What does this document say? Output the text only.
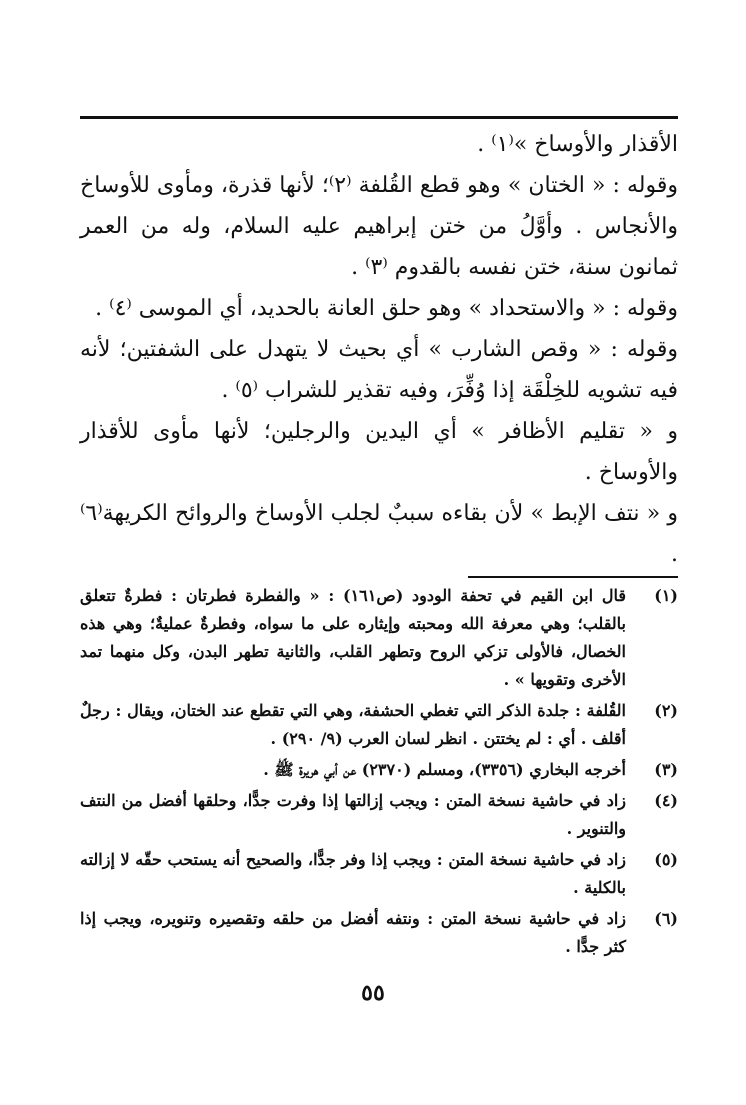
الأقذار والأوساخ »⁽١⁾ .

وقوله : « الختان » وهو قطع القُلفة ⁽٢⁾؛ لأنها قذرة، ومأوى للأوساخ والأنجاس . وأوَّلُ من ختن إبراهيم عليه السلام، وله من العمر ثمانون سنة، ختن نفسه بالقدوم ⁽٣⁾ .

وقوله : « والاستحداد » وهو حلق العانة بالحديد، أي الموسى ⁽٤⁾ .

وقوله : « وقص الشارب » أي بحيث لا يتهدل على الشفتين؛ لأنه فيه تشويه للخِلْقَة إذا وُفِّرَ، وفيه تقذير للشراب ⁽٥⁾ .

و « تقليم الأظافر » أي اليدين والرجلين؛ لأنها مأوى للأقذار والأوساخ .

و « نتف الإبط » لأن بقاءه سببٌ لجلب الأوساخ والروائح الكريهة⁽٦⁾ .

(١)
قال ابن القيم في تحفة الودود (ص١٦١) : « والفطرة فطرتان : فطرةٌ تتعلق بالقلب؛ وهي معرفة الله ومحبته وإيثاره على ما سواه، وفطرةٌ عمليةٌ؛ وهي هذه الخصال، فالأولى تزكي الروح وتطهر القلب، والثانية تطهر البدن، وكل منهما تمد الأخرى وتقويها » .
(٢)
القُلفة : جلدة الذكر التي تغطي الحشفة، وهي التي تقطع عند الختان، ويقال : رجلٌ أقلف . أي : لم يختتن . انظر لسان العرب (٩/ ٢٩٠) .
(٣)
أخرجه البخاري (٣٣٥٦)، ومسلم (٢٣٧٠) عن أبي هريرة ﷺ .
(٤)
زاد في حاشية نسخة المتن : ويجب إزالتها إذا وفرت جدًّا، وحلقها أفضل من النتف والتنوير .
(٥)
زاد في حاشية نسخة المتن : ويجب إذا وفر جدًّا، والصحيح أنه يستحب حقّه لا إزالته بالكلية .
(٦)
زاد في حاشية نسخة المتن : ونتفه أفضل من حلقه وتقصيره وتنويره، ويجب إذا كثر جدًّا .
٥٥
